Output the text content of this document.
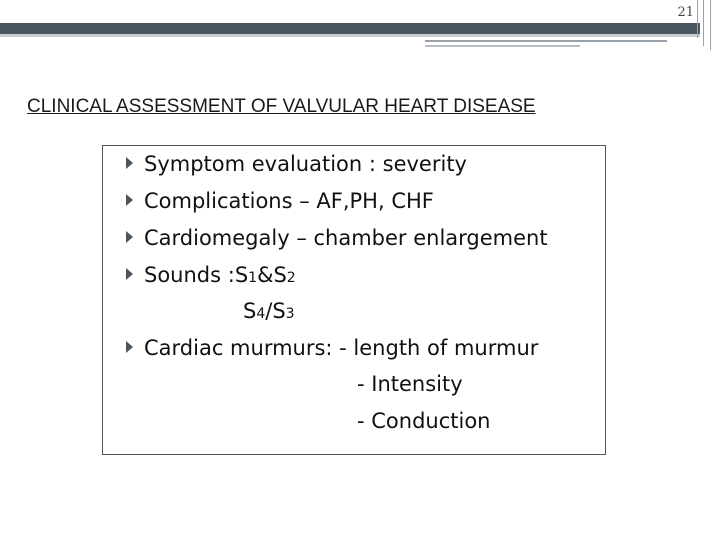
21
CLINICAL ASSESSMENT OF VALVULAR HEART DISEASE
Symptom evaluation : severity
Complications – AF,PH, CHF
Cardiomegaly – chamber enlargement
Sounds :S1&S2
S4/S3
Cardiac murmurs: - length of murmur
- Intensity
- Conduction
